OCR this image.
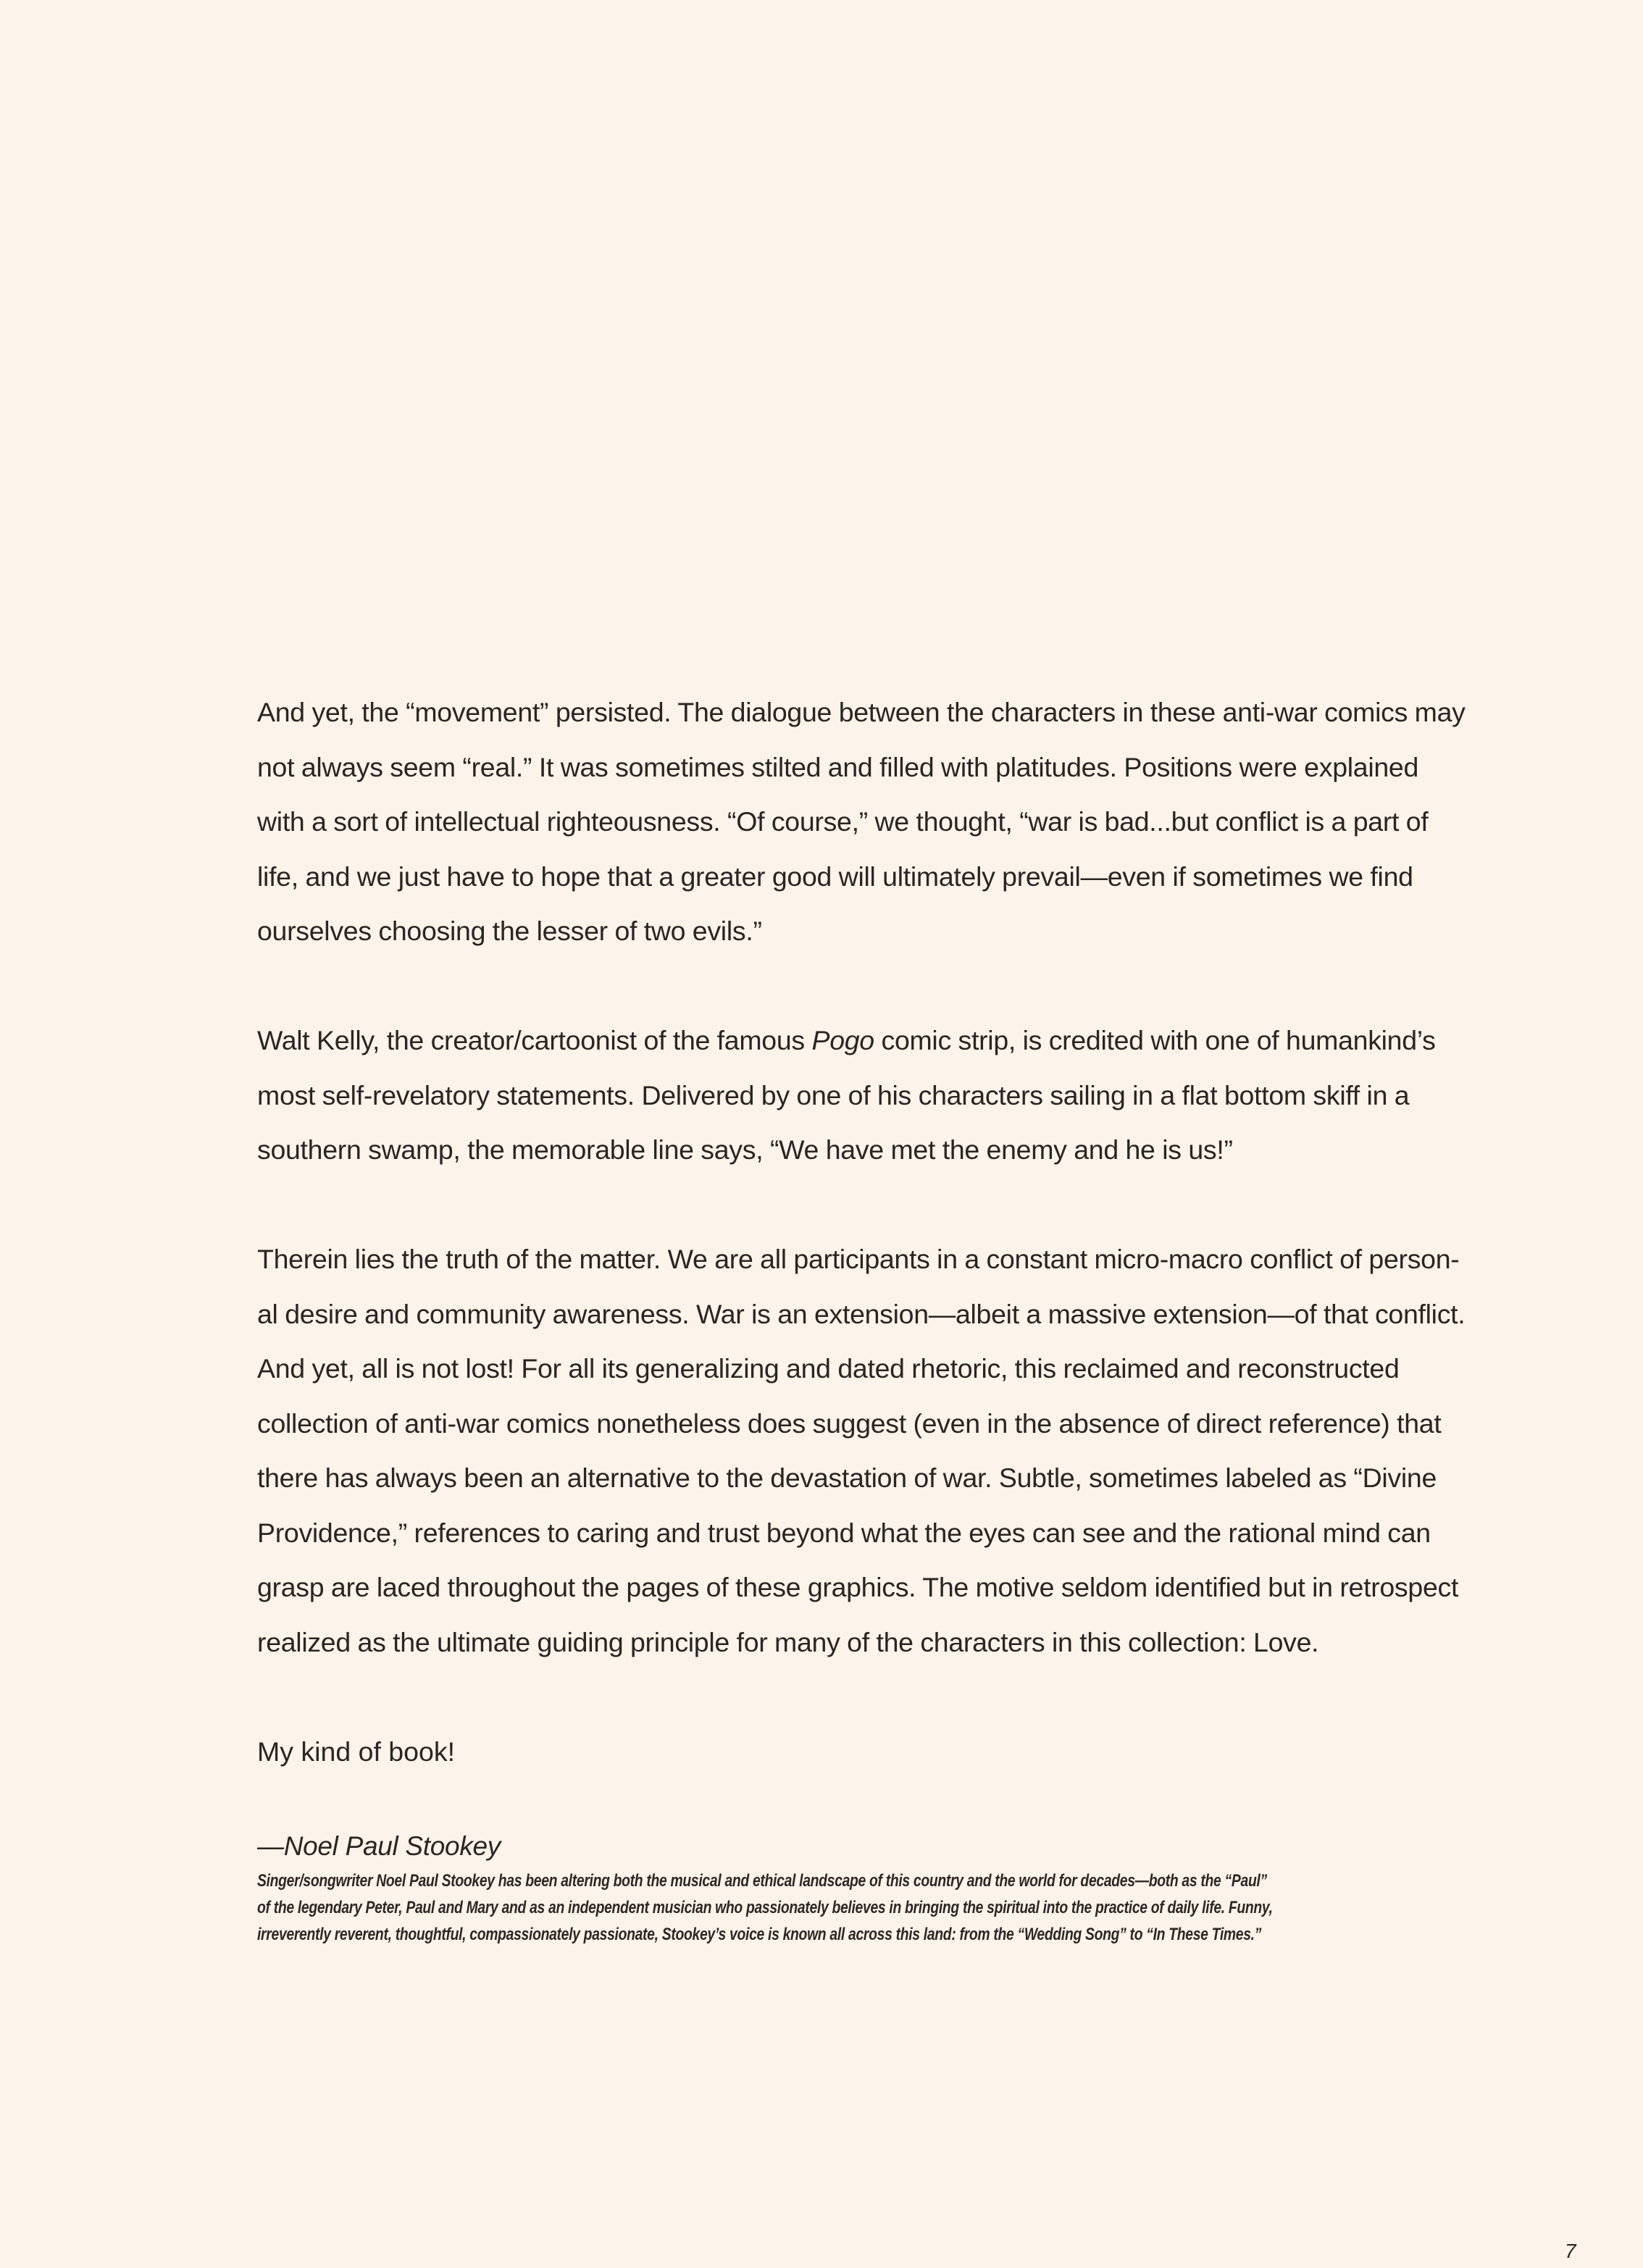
And yet, the “movement” persisted. The dialogue between the characters in these anti-war comics may
not always seem “real.” It was sometimes stilted and filled with platitudes. Positions were explained
with a sort of intellectual righteousness. “Of course,” we thought, “war is bad...but conflict is a part of
life, and we just have to hope that a greater good will ultimately prevail—even if sometimes we find
ourselves choosing the lesser of two evils.”

Walt Kelly, the creator/cartoonist of the famous Pogo comic strip, is credited with one of humankind’s
most self-revelatory statements. Delivered by one of his characters sailing in a flat bottom skiff in a
southern swamp, the memorable line says, “We have met the enemy and he is us!”

Therein lies the truth of the matter. We are all participants in a constant micro-macro conflict of person-
al desire and community awareness. War is an extension—albeit a massive extension—of that conflict.
And yet, all is not lost! For all its generalizing and dated rhetoric, this reclaimed and reconstructed
collection of anti-war comics nonetheless does suggest (even in the absence of direct reference) that
there has always been an alternative to the devastation of war. Subtle, sometimes labeled as “Divine
Providence,” references to caring and trust beyond what the eyes can see and the rational mind can
grasp are laced throughout the pages of these graphics. The motive seldom identified but in retrospect
realized as the ultimate guiding principle for many of the characters in this collection: Love.

My kind of book!

—Noel Paul Stookey
Singer/songwriter Noel Paul Stookey has been altering both the musical and ethical landscape of this country and the world for decades—both as the “Paul”
of the legendary Peter, Paul and Mary and as an independent musician who passionately believes in bringing the spiritual into the practice of daily life. Funny,
irreverently reverent, thoughtful, compassionately passionate, Stookey’s voice is known all across this land: from the “Wedding Song” to “In These Times.”
7
